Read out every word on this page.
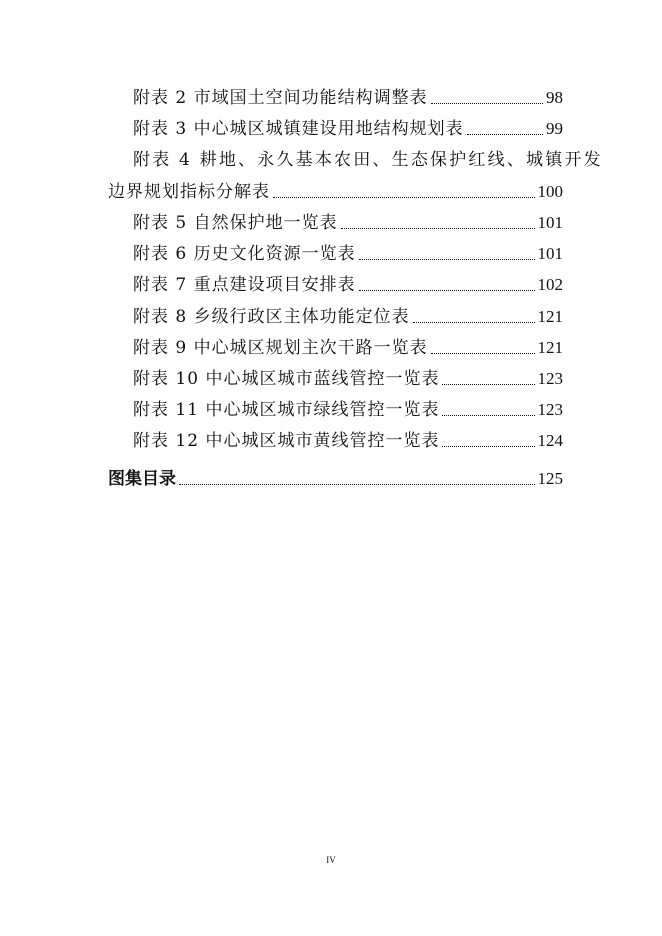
附表 2 市域国土空间功能结构调整表	98
附表 3 中心城区城镇建设用地结构规划表	99
附表 4 耕地、永久基本农田、生态保护红线、城镇开发
边界规划指标分解表	100
附表 5 自然保护地一览表	101
附表 6 历史文化资源一览表	101
附表 7 重点建设项目安排表	102
附表 8 乡级行政区主体功能定位表	121
附表 9 中心城区规划主次干路一览表	121
附表 10 中心城区城市蓝线管控一览表	123
附表 11 中心城区城市绿线管控一览表	123
附表 12 中心城区城市黄线管控一览表	124
图集目录	125
IV
